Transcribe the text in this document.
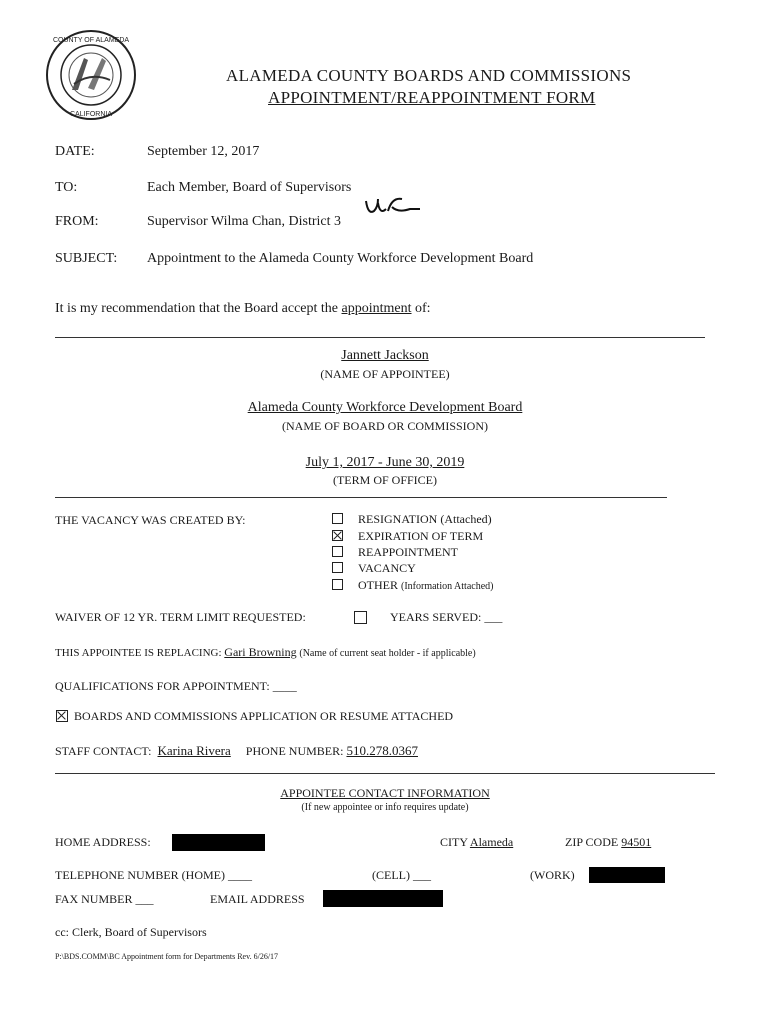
COUNTY OF ALAMEDA
CALIFORNIA
ALAMEDA COUNTY BOARDS AND COMMISSIONS
APPOINTMENT/REAPPOINTMENT FORM
DATE:	September 12, 2017
TO:	Each Member, Board of Supervisors
FROM:	Supervisor Wilma Chan, District 3
SUBJECT: Appointment to the Alameda County Workforce Development Board
It is my recommendation that the Board accept the appointment of:
Jannett Jackson
(NAME OF APPOINTEE)
Alameda County Workforce Development Board
(NAME OF BOARD OR COMMISSION)
July 1, 2017 - June 30, 2019
(TERM OF OFFICE)
THE VACANCY WAS CREATED BY:	RESIGNATION (Attached)
EXPIRATION OF TERM
REAPPOINTMENT
VACANCY
OTHER (Information Attached)
WAIVER OF 12 YR. TERM LIMIT REQUESTED:	YEARS SERVED: ___
THIS APPOINTEE IS REPLACING: Gari Browning (Name of current seat holder - if applicable)
QUALIFICATIONS FOR APPOINTMENT: ____
BOARDS AND COMMISSIONS APPLICATION OR RESUME ATTACHED
STAFF CONTACT: Karina Rivera PHONE NUMBER: 510.278.0367
APPOINTEE CONTACT INFORMATION
(If new appointee or info requires update)
HOME ADDRESS:	CITY Alameda	ZIP CODE 94501
TELEPHONE NUMBER (HOME) ____	(CELL) ___	(WORK)
FAX NUMBER ___	EMAIL ADDRESS
cc: Clerk, Board of Supervisors
P:\BDS.COMM\BC Appointment form for Departments Rev. 6/26/17
